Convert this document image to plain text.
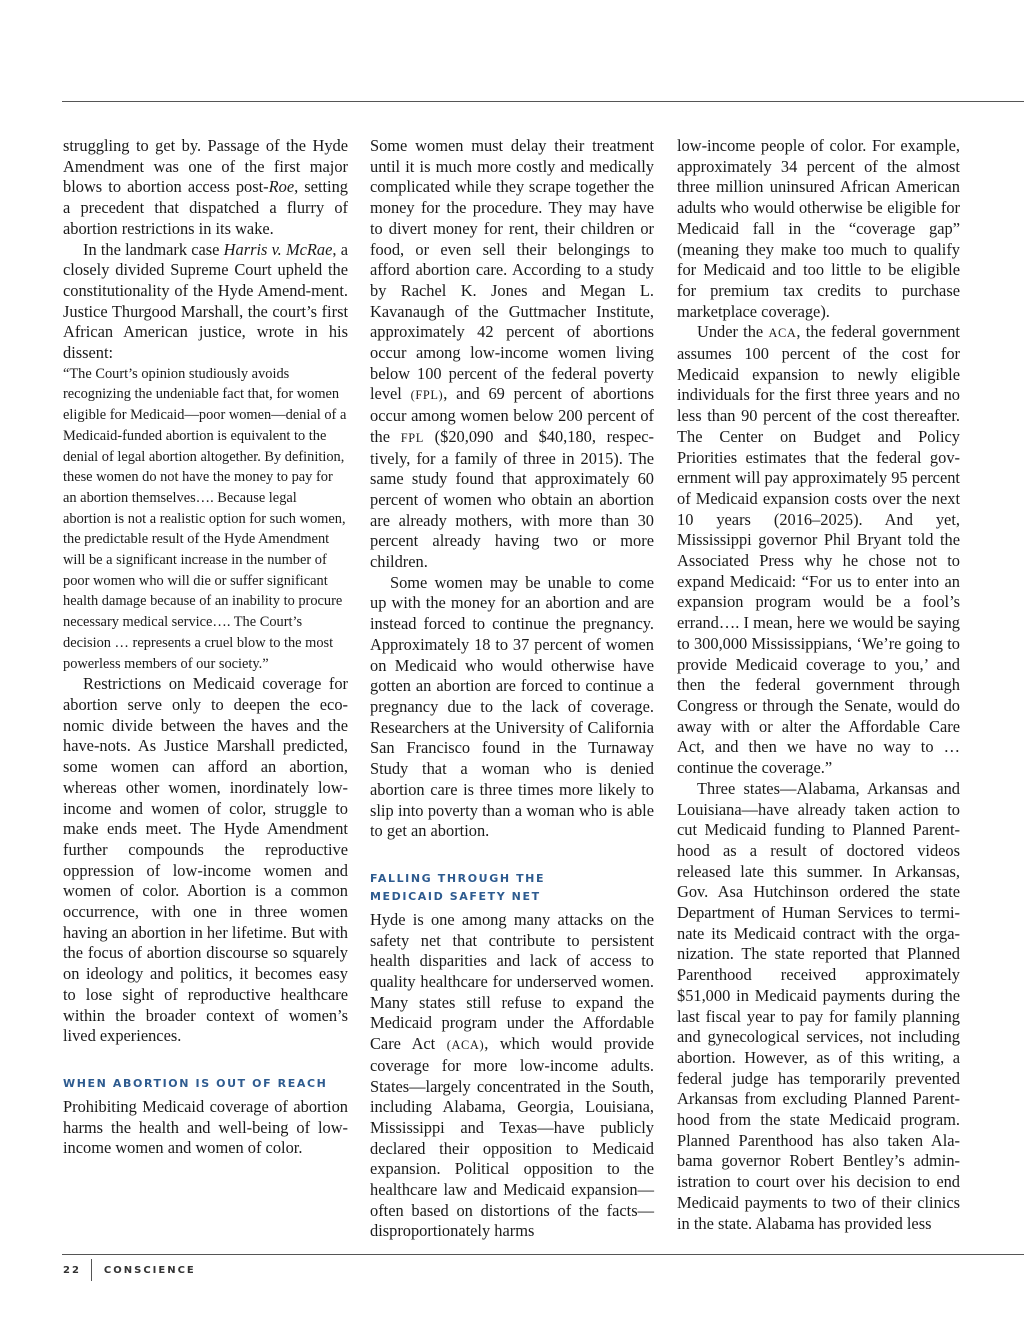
struggling to get by. Passage of the Hyde Amendment was one of the first major blows to abortion access post-Roe, setting a precedent that dispatched a flurry of abortion restrictions in its wake.

In the landmark case Harris v. McRae, a closely divided Supreme Court upheld the constitutionality of the Hyde Amend-ment. Justice Thurgood Marshall, the court’s first African American justice, wrote in his dissent:

“The Court’s opinion studiously avoids recognizing the undeniable fact that, for women eligible for Medicaid—poor women—denial of a Medicaid-funded abortion is equivalent to the denial of legal abortion altogether. By definition, these women do not have the money to pay for an abortion themselves…. Because legal abortion is not a realistic option for such women, the predictable result of the Hyde Amendment will be a significant increase in the number of poor women who will die or suffer significant health damage because of an inability to procure necessary medical service…. The Court’s decision … represents a cruel blow to the most powerless members of our society.”

Restrictions on Medicaid coverage for abortion serve only to deepen the economic divide between the haves and the have-nots. As Justice Marshall predicted, some women can afford an abortion, whereas other women, inordinately low-income and women of color, struggle to make ends meet. The Hyde Amendment further compounds the reproductive oppression of low-income women and women of color. Abortion is a common occurrence, with one in three women having an abortion in her lifetime. But with the focus of abortion discourse so squarely on ideology and politics, it becomes easy to lose sight of reproductive healthcare within the broader context of women’s lived experiences.

WHEN ABORTION IS OUT OF REACH

Prohibiting Medicaid coverage of abortion harms the health and well-being of low-income women and women of color.

Some women must delay their treatment until it is much more costly and medically complicated while they scrape together the money for the procedure. They may have to divert money for rent, their children or food, or even sell their belongings to afford abortion care. According to a study by Rachel K. Jones and Megan L. Kavanaugh of the Guttmacher Institute, approximately 42 percent of abortions occur among low-income women living below 100 percent of the federal poverty level (FPL), and 69 percent of abortions occur among women below 200 percent of the FPL ($20,090 and $40,180, respectively, for a family of three in 2015). The same study found that approximately 60 percent of women who obtain an abortion are already mothers, with more than 30 percent already having two or more children.

Some women may be unable to come up with the money for an abortion and are instead forced to continue the pregnancy. Approximately 18 to 37 percent of women on Medicaid who would otherwise have gotten an abortion are forced to continue a pregnancy due to the lack of coverage. Researchers at the University of California San Francisco found in the Turnaway Study that a woman who is denied abortion care is three times more likely to slip into poverty than a woman who is able to get an abortion.

FALLING THROUGH THE
MEDICAID SAFETY NET

Hyde is one among many attacks on the safety net that contribute to persistent health disparities and lack of access to quality healthcare for underserved women. Many states still refuse to expand the Medicaid program under the Affordable Care Act (ACA), which would provide coverage for more low-income adults. States—largely concentrated in the South, including Alabama, Georgia, Louisiana, Mississippi and Texas—have publicly declared their opposition to Medicaid expansion. Political opposition to the healthcare law and Medicaid expansion—often based on distortions of the facts—disproportionately harms

low-income people of color. For example, approximately 34 percent of the almost three million uninsured African American adults who would otherwise be eligible for Medicaid fall in the “coverage gap” (meaning they make too much to qualify for Medicaid and too little to be eligible for premium tax credits to purchase marketplace coverage).

Under the ACA, the federal government assumes 100 percent of the cost for Medicaid expansion to newly eligible individuals for the first three years and no less than 90 percent of the cost thereafter. The Center on Budget and Policy Priorities estimates that the federal government will pay approximately 95 percent of Medicaid expansion costs over the next 10 years (2016–2025). And yet, Mississippi governor Phil Bryant told the Associated Press why he chose not to expand Medicaid: “For us to enter into an expansion program would be a fool’s errand…. I mean, here we would be saying to 300,000 Mississippians, ‘We’re going to provide Medicaid coverage to you,’ and then the federal government through Congress or through the Senate, would do away with or alter the Affordable Care Act, and then we have no way to … continue the coverage.”

Three states—Alabama, Arkansas and Louisiana—have already taken action to cut Medicaid funding to Planned Parenthood as a result of doctored videos released late this summer. In Arkansas, Gov. Asa Hutchinson ordered the state Department of Human Services to terminate its Medicaid contract with the organization. The state reported that Planned Parenthood received approximately $51,000 in Medicaid payments during the last fiscal year to pay for family planning and gynecological services, not including abortion. However, as of this writing, a federal judge has temporarily prevented Arkansas from excluding Planned Parenthood from the state Medicaid program. Planned Parenthood has also taken Alabama governor Robert Bentley’s administration to court over his decision to end Medicaid payments to two of their clinics in the state. Alabama has provided less

22 CONSCIENCE
